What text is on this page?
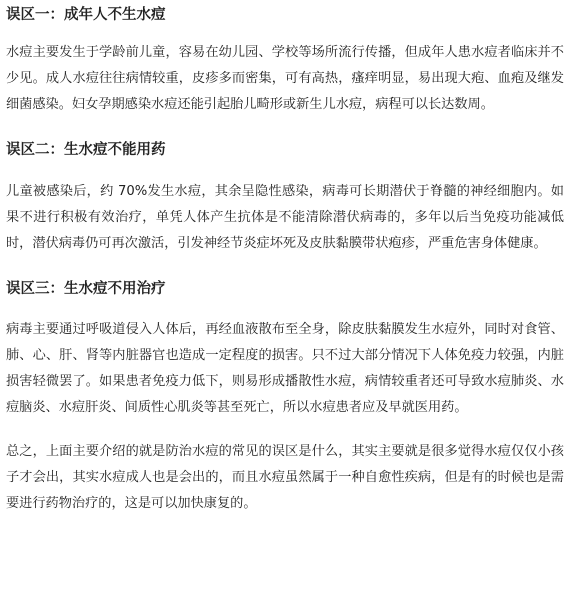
误区一：成年人不生水痘

水痘主要发生于学龄前儿童，容易在幼儿园、学校等场所流行传播，但成年人患水痘者临床并不少见。成人水痘往往病情较重，皮疹多而密集，可有高热，瘙痒明显，易出现大疱、血疱及继发细菌感染。妇女孕期感染水痘还能引起胎儿畸形或新生儿水痘，病程可以长达数周。

误区二：生水痘不能用药

儿童被感染后，约 70%发生水痘，其余呈隐性感染，病毒可长期潜伏于脊髓的神经细胞内。如果不进行积极有效治疗，单凭人体产生抗体是不能清除潜伏病毒的，多年以后当免疫功能减低时，潜伏病毒仍可再次激活，引发神经节炎症坏死及皮肤黏膜带状疱疹，严重危害身体健康。

误区三：生水痘不用治疗

病毒主要通过呼吸道侵入人体后，再经血液散布至全身，除皮肤黏膜发生水痘外，同时对食管、肺、心、肝、肾等内脏器官也造成一定程度的损害。只不过大部分情况下人体免疫力较强，内脏损害轻微罢了。如果患者免疫力低下，则易形成播散性水痘，病情较重者还可导致水痘肺炎、水痘脑炎、水痘肝炎、间质性心肌炎等甚至死亡，所以水痘患者应及早就医用药。

总之，上面主要介绍的就是防治水痘的常见的误区是什么，其实主要就是很多觉得水痘仅仅小孩子才会出，其实水痘成人也是会出的，而且水痘虽然属于一种自愈性疾病，但是有的时候也是需要进行药物治疗的，这是可以加快康复的。
